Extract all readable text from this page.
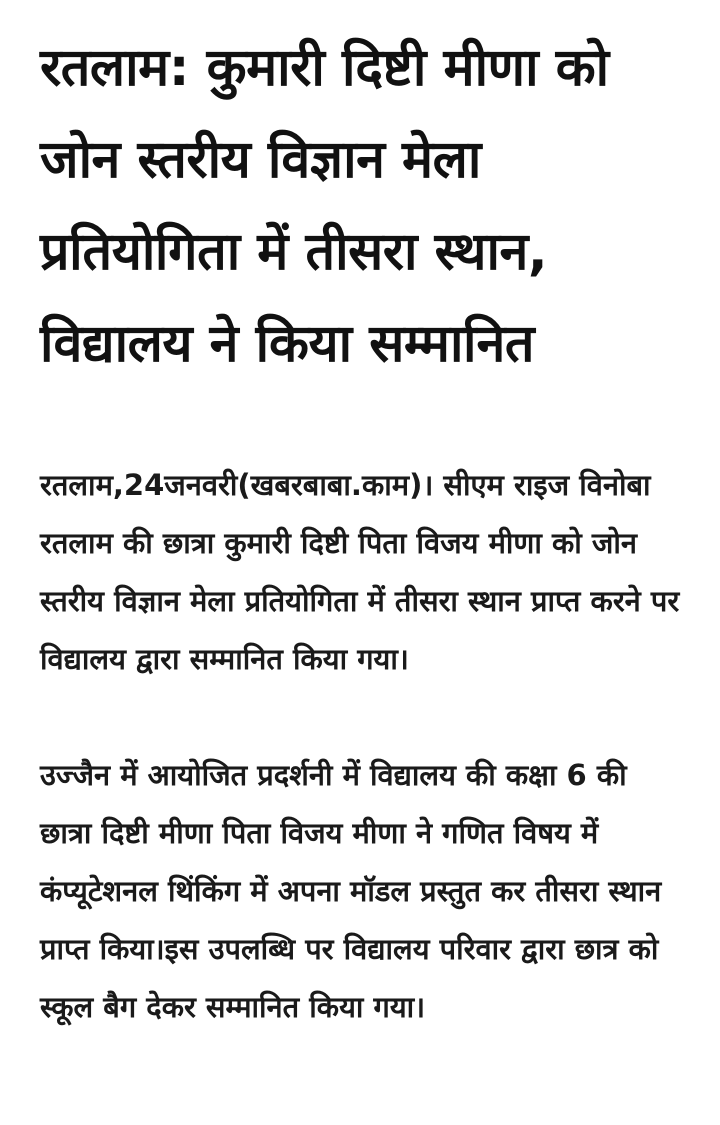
रतलाम: कुमारी दिष्टी मीणा को जोन स्तरीय विज्ञान मेला प्रतियोगिता में तीसरा स्थान, विद्यालय ने किया सम्मानित

रतलाम,24जनवरी(खबरबाबा.काम)। सीएम राइज विनोबा रतलाम की छात्रा कुमारी दिष्टी पिता विजय मीणा को जोन स्तरीय विज्ञान मेला प्रतियोगिता में तीसरा स्थान प्राप्त करने पर विद्यालय द्वारा सम्मानित किया गया।

उज्जैन में आयोजित प्रदर्शनी में विद्यालय की कक्षा 6 की छात्रा दिष्टी मीणा पिता विजय मीणा ने गणित विषय में कंप्यूटेशनल थिंकिंग में अपना मॉडल प्रस्तुत कर तीसरा स्थान प्राप्त किया।इस उपलब्धि पर विद्यालय परिवार द्वारा छात्र को स्कूल बैग देकर सम्मानित किया गया।
